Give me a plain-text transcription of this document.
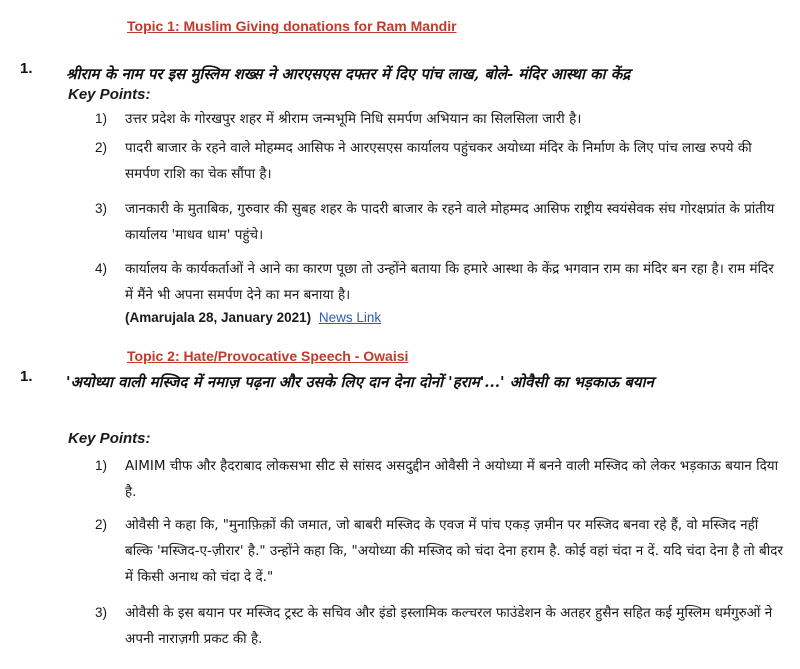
Topic 1: Muslim Giving donations for Ram Mandir
1. श्रीराम के नाम पर इस मुस्लिम शख्स ने आरएसएस दफ्तर में दिए पांच लाख, बोले- मंदिर आस्था का केंद्र
Key Points:
1) उत्तर प्रदेश के गोरखपुर शहर में श्रीराम जन्मभूमि निधि समर्पण अभियान का सिलसिला जारी है।
2) पादरी बाजार के रहने वाले मोहम्मद आसिफ ने आरएसएस कार्यालय पहुंचकर अयोध्या मंदिर के निर्माण के लिए पांच लाख रुपये की समर्पण राशि का चेक सौंपा है।
3) जानकारी के मुताबिक, गुरुवार की सुबह शहर के पादरी बाजार के रहने वाले मोहम्मद आसिफ राष्ट्रीय स्वयंसेवक संघ गोरक्षप्रांत के प्रांतीय कार्यालय 'माधव धाम' पहुंचे।
4) कार्यालय के कार्यकर्ताओं ने आने का कारण पूछा तो उन्होंने बताया कि हमारे आस्था के केंद्र भगवान राम का मंदिर बन रहा है। राम मंदिर में मैंने भी अपना समर्पण देने का मन बनाया है।
(Amarujala 28, January 2021) News Link
Topic 2: Hate/Provocative Speech - Owaisi
1. 'अयोध्या वाली मस्जिद में नमाज़ पढ़ना और उसके लिए दान देना दोनों 'हराम'...' ओवैसी का भड़काऊ बयान
Key Points:
1) AIMIM चीफ और हैदराबाद लोकसभा सीट से सांसद असदुद्दीन ओवैसी ने अयोध्या में बनने वाली मस्जिद को लेकर भड़काऊ बयान दिया है.
2) ओवैसी ने कहा कि, "मुनाफ़िक़ों की जमात, जो बाबरी मस्जिद के एवज में पांच एकड़ ज़मीन पर मस्जिद बनवा रहे हैं, वो मस्जिद नहीं बल्कि 'मस्जिद-ए-ज़ीरार' है." उन्होंने कहा कि, "अयोध्या की मस्जिद को चंदा देना हराम है. कोई वहां चंदा न दें. यदि चंदा देना है तो बीदर में किसी अनाथ को चंदा दे दें."
3) ओवैसी के इस बयान पर मस्जिद ट्रस्ट के सचिव और इंडो इस्लामिक कल्चरल फाउंडेशन के अतहर हुसैन सहित कई मुस्लिम धर्मगुरुओं ने अपनी नाराज़गी प्रकट की है.
